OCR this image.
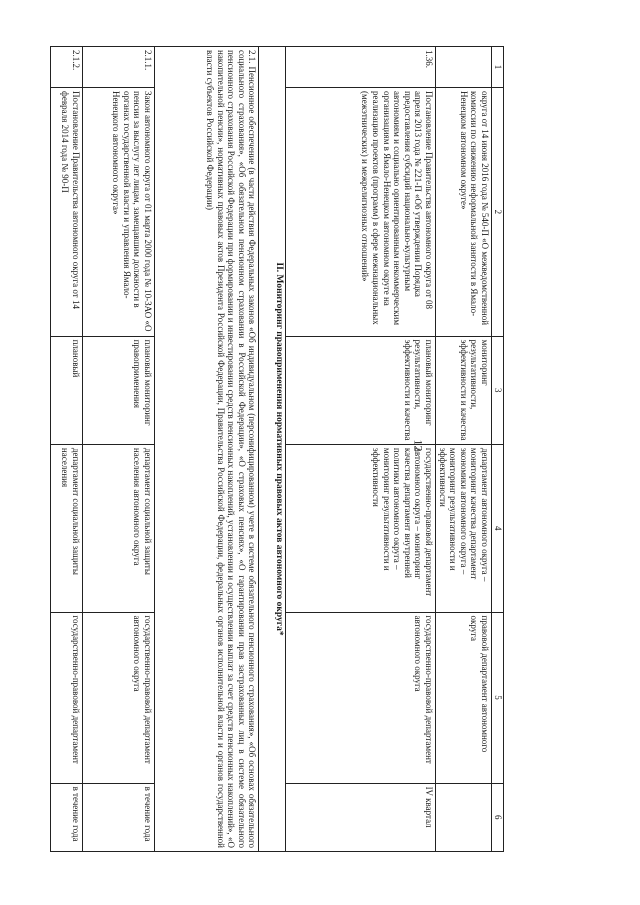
12
1	2	3	4	5	6
	округа от 14 июня 2016 года № 540-П «О межведомственной комиссии по снижению неформальной занятости в Ямало-Ненецком автономном округе»	мониторинг результативности, эффективности и качества	департамент автономного округа – мониторинг качества департамент экономики автономного округа – мониторинг результативности и эффективности	правовой департамент автономного округа	
1.36.	Постановление Правительства автономного округа от 08 апреля 2013 года № 221-П «Об утверждении Порядка предоставления субсидий национально-культурным автономиям и социально ориентированным некоммерческим организациям в Ямало-Ненецком автономном округе на реализацию проектов (программ) в сфере межнациональных (межэтнических) и межрелигиозных отношений»	плановый мониторинг результативности, эффективности и качества	государственно-правовой департамент автономного округа – мониторинг качества департамент внутренней политики автономного округа – мониторинг результативности и эффективности	государственно-правовой департамент автономного округа	IV квартал
II. Мониторинг правоприменения нормативных правовых актов автономного округа*					
2.1. Пенсионное обеспечение (в части действия Федеральных законов «Об индивидуальном (персонифицированном) учете в системе обязательного пенсионного страхования», «Об основах обязательного социального страхования», «Об обязательном пенсионном страховании в Российской Федерации», «О страховых пенсиях», «О гарантировании прав застрахованных лиц в системе обязательного пенсионного страхования Российской Федерации при формировании и инвестировании средств пенсионных накоплений, установлении и осуществлении выплат за счет средств пенсионных накоплений», «О накопительной пенсии», нормативных правовых актов Президента Российской Федерации, Правительства Российской Федерации, федеральных органов исполнительной власти и органов государственной власти субъектов Российской Федерации)					
2.1.1.	Закон автономного округа от 01 марта 2000 года № 10-ЗАО «О пенсии за выслугу лет лицам, замещавшим должности в органах государственной власти и управления Ямало-Ненецкого автономного округа»	плановый мониторинг правоприменения	департамент социальной защиты населения автономного округа	государственно-правовой департамент автономного округа	в течение года
2.1.2.	Постановление Правительства автономного округа от 14 февраля 2014 года № 90-П	плановый	департамент социальной защиты населения	государственно-правовой департамент	в течение года
